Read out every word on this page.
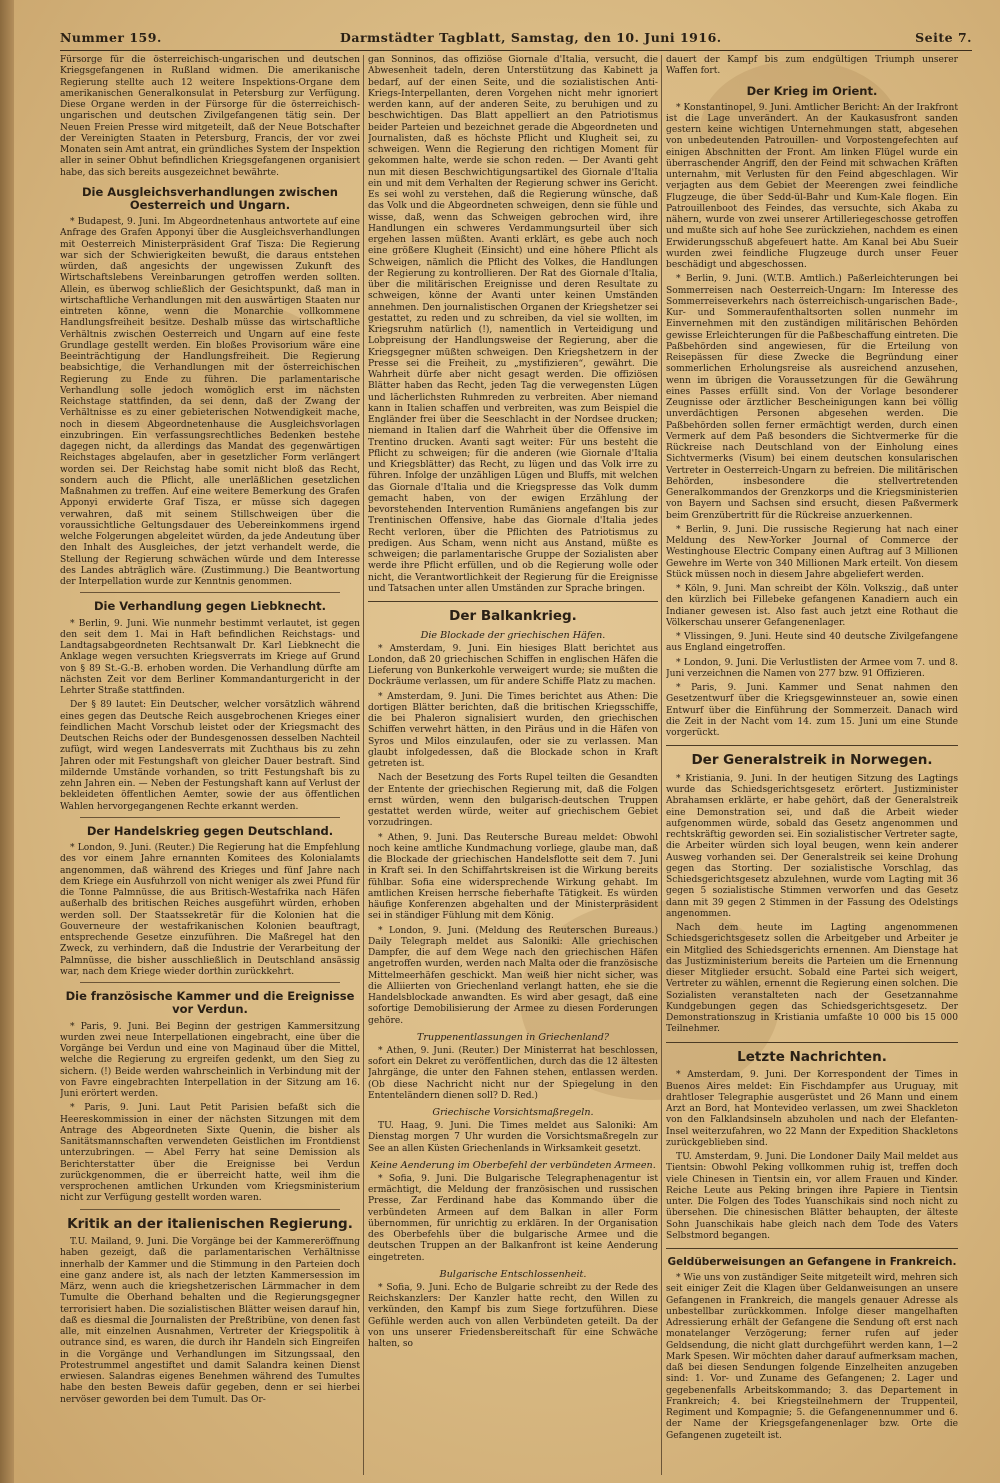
Nummer 159.	Darmstädter Tagblatt, Samstag, den 10. Juni 1916.	Seite 7.

Fürsorge für die österreichisch-ungarischen und deutschen Kriegsgefangenen in Rußland widmen. Die amerikanische Regierung stellte auch 12 weitere Inspektions-Organe dem amerikanischen Generalkonsulat in Petersburg zur Verfügung. Diese Organe werden in der Fürsorge für die österreichisch-ungarischen und deutschen Zivilgefangenen tätig sein. Der Neuen Freien Presse wird mitgeteilt, daß der Neue Botschafter der Vereinigten Staaten in Petersburg, Francis, der vor zwei Monaten sein Amt antrat, ein gründliches System der Inspektion aller in seiner Obhut befindlichen Kriegsgefangenen organisiert habe, das sich bereits ausgezeichnet bewährte.

Die Ausgleichsverhandlungen zwischen Oesterreich und Ungarn.

* Budapest, 9. Juni. Im Abgeordnetenhaus antwortete auf eine Anfrage des Grafen Apponyi über die Ausgleichsverhandlungen mit Oesterreich Ministerpräsident Graf Tisza: Die Regierung war sich der Schwierigkeiten bewußt, die daraus entstehen würden, daß angesichts der ungewissen Zukunft des Wirtschaftslebens Vereinbarungen getroffen werden sollten. Allein, es überwog schließlich der Gesichtspunkt, daß man in wirtschaftliche Verhandlungen mit den auswärtigen Staaten nur eintreten könne, wenn die Monarchie vollkommene Handlungsfreiheit besitze. Deshalb müsse das wirtschaftliche Verhältnis zwischen Oesterreich und Ungarn auf eine feste Grundlage gestellt werden. Ein bloßes Provisorium wäre eine Beeinträchtigung der Handlungsfreiheit. Die Regierung beabsichtige, die Verhandlungen mit der österreichischen Regierung zu Ende zu führen. Die parlamentarische Verhandlung solle jedoch womöglich erst im nächsten Reichstage stattfinden, da sei denn, daß der Zwang der Verhältnisse es zu einer gebieterischen Notwendigkeit mache, noch in diesem Abgeordnetenhause die Ausgleichsvorlagen einzubringen. Ein verfassungsrechtliches Bedenken bestehe dagegen nicht, da allerdings das Mandat des gegenwärtigen Reichstages abgelaufen, aber in gesetzlicher Form verlängert worden sei. Der Reichstag habe somit nicht bloß das Recht, sondern auch die Pflicht, alle unerläßlichen gesetzlichen Maßnahmen zu treffen. Auf eine weitere Bemerkung des Grafen Apponyi erwiderte Graf Tisza, er müsse sich dagegen verwahren, daß mit seinem Stillschweigen über die voraussichtliche Geltungsdauer des Uebereinkommens irgend welche Folgerungen abgeleitet würden, da jede Andeutung über den Inhalt des Ausgleiches, der jetzt verhandelt werde, die Stellung der Regierung schwächen würde und dem Interesse des Landes abträglich wäre. (Zustimmung.) Die Beantwortung der Interpellation wurde zur Kenntnis genommen.

Die Verhandlung gegen Liebknecht.

* Berlin, 9. Juni. Wie nunmehr bestimmt verlautet, ist gegen den seit dem 1. Mai in Haft befindlichen Reichstags- und Landtagsabgeordneten Rechtsanwalt Dr. Karl Liebknecht die Anklage wegen versuchten Kriegsverrats im Kriege auf Grund von § 89 St.-G.-B. erhoben worden. Die Verhandlung dürfte am nächsten Zeit vor dem Berliner Kommandanturgericht in der Lehrter Straße stattfinden.

Der § 89 lautet: Ein Deutscher, welcher vorsätzlich während eines gegen das Deutsche Reich ausgebrochenen Krieges einer feindlichen Macht Vorschub leistet oder der Kriegsmacht des Deutschen Reichs oder der Bundesgenossen desselben Nachteil zufügt, wird wegen Landesverrats mit Zuchthaus bis zu zehn Jahren oder mit Festungshaft von gleicher Dauer bestraft. Sind mildernde Umstände vorhanden, so tritt Festungshaft bis zu zehn Jahren ein. — Neben der Festungshaft kann auf Verlust der bekleideten öffentlichen Aemter, sowie der aus öffentlichen Wahlen hervorgegangenen Rechte erkannt werden.

Der Handelskrieg gegen Deutschland.

* London, 9. Juni. (Reuter.) Die Regierung hat die Empfehlung des vor einem Jahre ernannten Komitees des Kolonialamts angenommen, daß während des Krieges und fünf Jahre nach dem Kriege ein Ausfuhrzoll von nicht weniger als zwei Pfund für die Tonne Palmnüsse, die aus Britisch-Westafrika nach Häfen außerhalb des britischen Reiches ausgeführt würden, erhoben werden soll. Der Staatssekretär für die Kolonien hat die Gouverneure der westafrikanischen Kolonien beauftragt, entsprechende Gesetze einzuführen. Die Maßregel hat den Zweck, zu verhindern, daß die Industrie der Verarbeitung der Palmnüsse, die bisher ausschließlich in Deutschland ansässig war, nach dem Kriege wieder dorthin zurückkehrt.

Die französische Kammer und die Ereignisse vor Verdun.

* Paris, 9. Juni. Bei Beginn der gestrigen Kammersitzung wurden zwei neue Interpellationen eingebracht, eine über die Vorgänge bei Verdun und eine von Maginaud über die Mittel, welche die Regierung zu ergreifen gedenkt, um den Sieg zu sichern. (!) Beide werden wahrscheinlich in Verbindung mit der von Favre eingebrachten Interpellation in der Sitzung am 16. Juni erörtert werden.

* Paris, 9. Juni. Laut Petit Parisien befaßt sich die Heereskommission in einer der nächsten Sitzungen mit dem Antrage des Abgeordneten Sixte Quenin, die bisher als Sanitätsmannschaften verwendeten Geistlichen im Frontdienst unterzubringen. — Abel Ferry hat seine Demission als Berichterstatter über die Ereignisse bei Verdun zurückgenommen, die er überreicht hatte, weil ihm die versprochenen amtlichen Urkunden vom Kriegsministerium nicht zur Verfügung gestellt worden waren.

Kritik an der italienischen Regierung.

T.U. Mailand, 9. Juni. Die Vorgänge bei der Kammereröffnung haben gezeigt, daß die parlamentarischen Verhältnisse innerhalb der Kammer und die Stimmung in den Parteien doch eine ganz andere ist, als nach der letzten Kammersession im März, wenn auch die kriegshetzerischen Lärmmacher in dem Tumulte die Oberhand behalten und die Regierungsgegner terrorisiert haben. Die sozialistischen Blätter weisen darauf hin, daß es diesmal die Journalisten der Preßtribüne, von denen fast alle, mit einzelnen Ausnahmen, Vertreter der Kriegspolitik à outrance sind, es waren, die durch ihr Handeln sich Eingreifen in die Vorgänge und Verhandlungen im Sitzungssaal, den Protestrummel angestiftet und damit Salandra keinen Dienst erwiesen. Salandras eigenes Benehmen während des Tumultes habe den besten Beweis dafür gegeben, denn er sei hierbei nervöser geworden bei dem Tumult. Das Or-

gan Sonninos, das offiziöse Giornale d'Italia, versucht, die Abwesenheit tadeln, deren Unterstützung das Kabinett ja bedarf, auf der einen Seite, und die sozialistischen Anti-Kriegs-Interpellanten, deren Vorgehen nicht mehr ignoriert werden kann, auf der anderen Seite, zu beruhigen und zu beschwichtigen. Das Blatt appelliert an den Patriotismus beider Parteien und bezeichnet gerade die Abgeordneten und Journalisten, daß es höchste Pflicht und Klugheit sei, zu schweigen. Wenn die Regierung den richtigen Moment für gekommen halte, werde sie schon reden. — Der Avanti geht nun mit diesen Beschwichtigungsartikel des Giornale d'Italia ein und mit dem Verhalten der Regierung schwer ins Gericht. Es sei wohl zu verstehen, daß die Regierung wünsche, daß das Volk und die Abgeordneten schweigen, denn sie fühle und wisse, daß, wenn das Schweigen gebrochen wird, ihre Handlungen ein schweres Verdammungsurteil über sich ergehen lassen müßten. Avanti erklärt, es gebe auch noch eine größere Klugheit (Einsicht) und eine höhere Pflicht als Schweigen, nämlich die Pflicht des Volkes, die Handlungen der Regierung zu kontrollieren. Der Rat des Giornale d'Italia, über die militärischen Ereignisse und deren Resultate zu schweigen, könne der Avanti unter keinen Umständen annehmen. Den journalistischen Organen der Kriegshetzer sei gestattet, zu reden und zu schreiben, da viel sie wollten, im Kriegsruhm natürlich (!), namentlich in Verteidigung und Lobpreisung der Handlungsweise der Regierung, aber die Kriegsgegner müßten schweigen. Den Kriegshetzern in der Presse sei die Freiheit, zu „mystifizieren“, gewährt. Die Wahrheit dürfe aber nicht gesagt werden. Die offiziösen Blätter haben das Recht, jeden Tag die verwegensten Lügen und lächerlichsten Ruhmreden zu verbreiten. Aber niemand kann in Italien schaffen und verbreiten, was zum Beispiel die Engländer frei über die Seeschlacht in der Nordsee drucken; niemand in Italien darf die Wahrheit über die Offensive im Trentino drucken. Avanti sagt weiter: Für uns besteht die Pflicht zu schweigen; für die anderen (wie Giornale d'Italia und Kriegsblätter) das Recht, zu lügen und das Volk irre zu führen. Infolge der unzähligen Lügen und Bluffs, mit welchen das Giornale d'Italia und die Kriegspresse das Volk dumm gemacht haben, von der ewigen Erzählung der bevorstehenden Intervention Rumäniens angefangen bis zur Trentinischen Offensive, habe das Giornale d'Italia jedes Recht verloren, über die Pflichten des Patriotismus zu predigen. Aus Scham, wenn nicht aus Anstand, müßte es schweigen; die parlamentarische Gruppe der Sozialisten aber werde ihre Pflicht erfüllen, und ob die Regierung wolle oder nicht, die Verantwortlichkeit der Regierung für die Ereignisse und Tatsachen unter allen Umständen zur Sprache bringen.

Der Balkankrieg.
Die Blockade der griechischen Häfen.

* Amsterdam, 9. Juni. Ein hiesiges Blatt berichtet aus London, daß 20 griechischen Schiffen in englischen Häfen die Lieferung von Bunkerkohle verweigert wurde; sie mußten die Dockräume verlassen, um für andere Schiffe Platz zu machen.

* Amsterdam, 9. Juni. Die Times berichtet aus Athen: Die dortigen Blätter berichten, daß die britischen Kriegsschiffe, die bei Phaleron signalisiert wurden, den griechischen Schiffen verwehrt hätten, in den Piräus und in die Häfen von Syros und Milos einzulaufen, oder sie zu verlassen. Man glaubt infolgedessen, daß die Blockade schon in Kraft getreten ist.

Nach der Besetzung des Forts Rupel teilten die Gesandten der Entente der griechischen Regierung mit, daß die Folgen ernst würden, wenn den bulgarisch-deutschen Truppen gestattet werden würde, weiter auf griechischem Gebiet vorzudringen.

* Athen, 9. Juni. Das Reutersche Bureau meldet: Obwohl noch keine amtliche Kundmachung vorliege, glaube man, daß die Blockade der griechischen Handelsflotte seit dem 7. Juni in Kraft sei. In den Schiffahrtskreisen ist die Wirkung bereits fühlbar. Sofia eine widersprechende Wirkung gehabt. Im amtlichen Kreisen herrsche fieberhafte Tätigkeit. Es würden häufige Konferenzen abgehalten und der Ministerpräsident sei in ständiger Fühlung mit dem König.

* London, 9. Juni. (Meldung des Reuterschen Bureaus.) Daily Telegraph meldet aus Saloniki: Alle griechischen Dampfer, die auf dem Wege nach den griechischen Häfen angetroffen wurden, werden nach Malta oder die französische Mittelmeerhäfen geschickt. Man weiß hier nicht sicher, was die Alliierten von Griechenland verlangt hatten, ehe sie die Handelsblockade anwandten. Es wird aber gesagt, daß eine sofortige Demobilisierung der Armee zu diesen Forderungen gehöre.

Truppenentlassungen in Griechenland?

* Athen, 9. Juni. (Reuter.) Der Ministerrat hat beschlossen, sofort ein Dekret zu veröffentlichen, durch das die 12 ältesten Jahrgänge, die unter den Fahnen stehen, entlassen werden. (Ob diese Nachricht nicht nur der Spiegelung in den Ententeländern dienen soll? D. Red.)

Griechische Vorsichtsmaßregeln.

TU. Haag, 9. Juni. Die Times meldet aus Saloniki: Am Dienstag morgen 7 Uhr wurden die Vorsichtsmaßregeln zur See an allen Küsten Griechenlands in Wirksamkeit gesetzt.

Keine Aenderung im Oberbefehl der verbündeten Armeen.

* Sofia, 9. Juni. Die Bulgarische Telegraphenagentur ist ermächtigt, die Meldung der französischen und russischen Presse, Zar Ferdinand habe das Kommando über die verbündeten Armeen auf dem Balkan in aller Form übernommen, für unrichtig zu erklären. In der Organisation des Oberbefehls über die bulgarische Armee und die deutschen Truppen an der Balkanfront ist keine Aenderung eingetreten.

Bulgarische Entschlossenheit.

* Sofia, 9. Juni. Echo de Bulgarie schreibt zu der Rede des Reichskanzlers: Der Kanzler hatte recht, den Willen zu verkünden, den Kampf bis zum Siege fortzuführen. Diese Gefühle werden auch von allen Verbündeten geteilt. Da der von uns unserer Friedensbereitschaft für eine Schwäche halten, so

dauert der Kampf bis zum endgültigen Triumph unserer Waffen fort.

Der Krieg im Orient.

* Konstantinopel, 9. Juni. Amtlicher Bericht: An der Irakfront ist die Lage unverändert. An der Kaukasusfront sanden gestern keine wichtigen Unternehmungen statt, abgesehen von unbedeutenden Patrouillen- und Vorpostengefechten auf einigen Abschnitten der Front. Am linken Flügel wurde ein überraschender Angriff, den der Feind mit schwachen Kräften unternahm, mit Verlusten für den Feind abgeschlagen. Wir verjagten aus dem Gebiet der Meerengen zwei feindliche Flugzeuge, die über Sedd-ül-Bahr und Kum-Kale flogen. Ein Patrouillenboot des Feindes, das versuchte, sich Akaba zu nähern, wurde von zwei unserer Artilleriegeschosse getroffen und mußte sich auf hohe See zurückziehen, nachdem es einen Erwiderungsschuß abgefeuert hatte. Am Kanal bei Abu Sueir wurden zwei feindliche Flugzeuge durch unser Feuer beschädigt und abgeschossen.

* Berlin, 9. Juni. (W.T.B. Amtlich.) Paßerleichterungen bei Sommerreisen nach Oesterreich-Ungarn: Im Interesse des Sommerreiseverkehrs nach österreichisch-ungarischen Bade-, Kur- und Sommeraufenthaltsorten sollen nunmehr im Einvernehmen mit den zuständigen militärischen Behörden gewisse Erleichterungen für die Paßbeschaffung eintreten. Die Paßbehörden sind angewiesen, für die Erteilung von Reisepässen für diese Zwecke die Begründung einer sommerlichen Erholungsreise als ausreichend anzusehen, wenn im übrigen die Voraussetzungen für die Gewährung eines Passes erfüllt sind. Von der Vorlage besonderer Zeugnisse oder ärztlicher Bescheinigungen kann bei völlig unverdächtigen Personen abgesehen werden. Die Paßbehörden sollen ferner ermächtigt werden, durch einen Vermerk auf dem Paß besonders die Sichtvermerke für die Rückreise nach Deutschland von der Einholung eines Sichtvermerks (Visum) bei einem deutschen konsularischen Vertreter in Oesterreich-Ungarn zu befreien. Die militärischen Behörden, insbesondere die stellvertretenden Generalkommandos der Grenzkorps und die Kriegsministerien von Bayern und Sachsen sind ersucht, diesen Paßvermerk beim Grenzübertritt für die Rückreise anzuerkennen.

* Berlin, 9. Juni. Die russische Regierung hat nach einer Meldung des New-Yorker Journal of Commerce der Westinghouse Electric Company einen Auftrag auf 3 Millionen Gewehre im Werte von 340 Millionen Mark erteilt. Von diesem Stück müssen noch in diesem Jahre abgeliefert werden.

* Köln, 9. Juni. Man schreibt der Köln. Volkszig., daß unter den kürzlich bei Fillebeke gefangenen Kanadiern auch ein Indianer gewesen ist. Also fast auch jetzt eine Rothaut die Völkerschau unserer Gefangenenlager.

* Vlissingen, 9. Juni. Heute sind 40 deutsche Zivilgefangene aus England eingetroffen.

* London, 9. Juni. Die Verlustlisten der Armee vom 7. und 8. Juni verzeichnen die Namen von 277 bzw. 91 Offizieren.

* Paris, 9. Juni. Kammer und Senat nahmen den Gesetzentwurf über die Kriegsgewinnsteuer an, sowie einen Entwurf über die Einführung der Sommerzeit. Danach wird die Zeit in der Nacht vom 14. zum 15. Juni um eine Stunde vorgerückt.

Der Generalstreik in Norwegen.

* Kristiania, 9. Juni. In der heutigen Sitzung des Lagtings wurde das Schiedsgerichtsgesetz erörtert. Justizminister Abrahamsen erklärte, er habe gehört, daß der Generalstreik eine Demonstration sei, und daß die Arbeit wieder aufgenommen würde, sobald das Gesetz angenommen und rechtskräftig geworden sei. Ein sozialistischer Vertreter sagte, die Arbeiter würden sich loyal beugen, wenn kein anderer Ausweg vorhanden sei. Der Generalstreik sei keine Drohung gegen das Storting. Der sozialistische Vorschlag, das Schiedsgerichtsgesetz abzulehnen, wurde vom Lagting mit 36 gegen 5 sozialistische Stimmen verworfen und das Gesetz dann mit 39 gegen 2 Stimmen in der Fassung des Odelstings angenommen.

Nach dem heute im Lagting angenommenen Schiedsgerichtsgesetz sollen die Arbeitgeber und Arbeiter je ein Mitglied des Schiedsgerichts ernennen. Am Dienstage hat das Justizministerium bereits die Parteien um die Ernennung dieser Mitglieder ersucht. Sobald eine Partei sich weigert, Vertreter zu wählen, ernennt die Regierung einen solchen. Die Sozialisten veranstalteten nach der Gesetzannahme Kundgebungen gegen das Schiedsgerichtsgesetz. Der Demonstrationszug in Kristiania umfaßte 10 000 bis 15 000 Teilnehmer.

Letzte Nachrichten.

* Amsterdam, 9. Juni. Der Korrespondent der Times in Buenos Aires meldet: Ein Fischdampfer aus Uruguay, mit drahtloser Telegraphie ausgerüstet und 26 Mann und einem Arzt an Bord, hat Montevideo verlassen, um zwei Shackleton von den Falklandsinseln abzuholen und nach der Elefanten-Insel weiterzufahren, wo 22 Mann der Expedition Shackletons zurückgeblieben sind.

TU. Amsterdam, 9. Juni. Die Londoner Daily Mail meldet aus Tientsin: Obwohl Peking vollkommen ruhig ist, treffen doch viele Chinesen in Tientsin ein, vor allem Frauen und Kinder. Reiche Leute aus Peking bringen ihre Papiere in Tientsin unter. Die Folgen des Todes Yuanschikais sind noch nicht zu übersehen. Die chinesischen Blätter behaupten, der älteste Sohn Juanschikais habe gleich nach dem Tode des Vaters Selbstmord begangen.

Geldüberweisungen an Gefangene in Frankreich.

* Wie uns von zuständiger Seite mitgeteilt wird, mehren sich seit einiger Zeit die Klagen über Geldanweisungen an unsere Gefangenen in Frankreich, die mangels genauer Adresse als unbestellbar zurückkommen. Infolge dieser mangelhaften Adressierung erhält der Gefangene die Sendung oft erst nach monatelanger Verzögerung; ferner rufen auf jeder Geldsendung, die nicht glatt durchgeführt werden kann, 1—2 Mark Spesen. Wir möchten daher darauf aufmerksam machen, daß bei diesen Sendungen folgende Einzelheiten anzugeben sind: 1. Vor- und Zuname des Gefangenen; 2. Lager und gegebenenfalls Arbeitskommando; 3. das Departement in Frankreich; 4. bei Kriegsteilnehmern der Truppenteil, Regiment und Kompagnie; 5. die Gefangenennummer und 6. der Name der Kriegsgefangenenlager bzw. Orte die Gefangenen zugeteilt ist.
